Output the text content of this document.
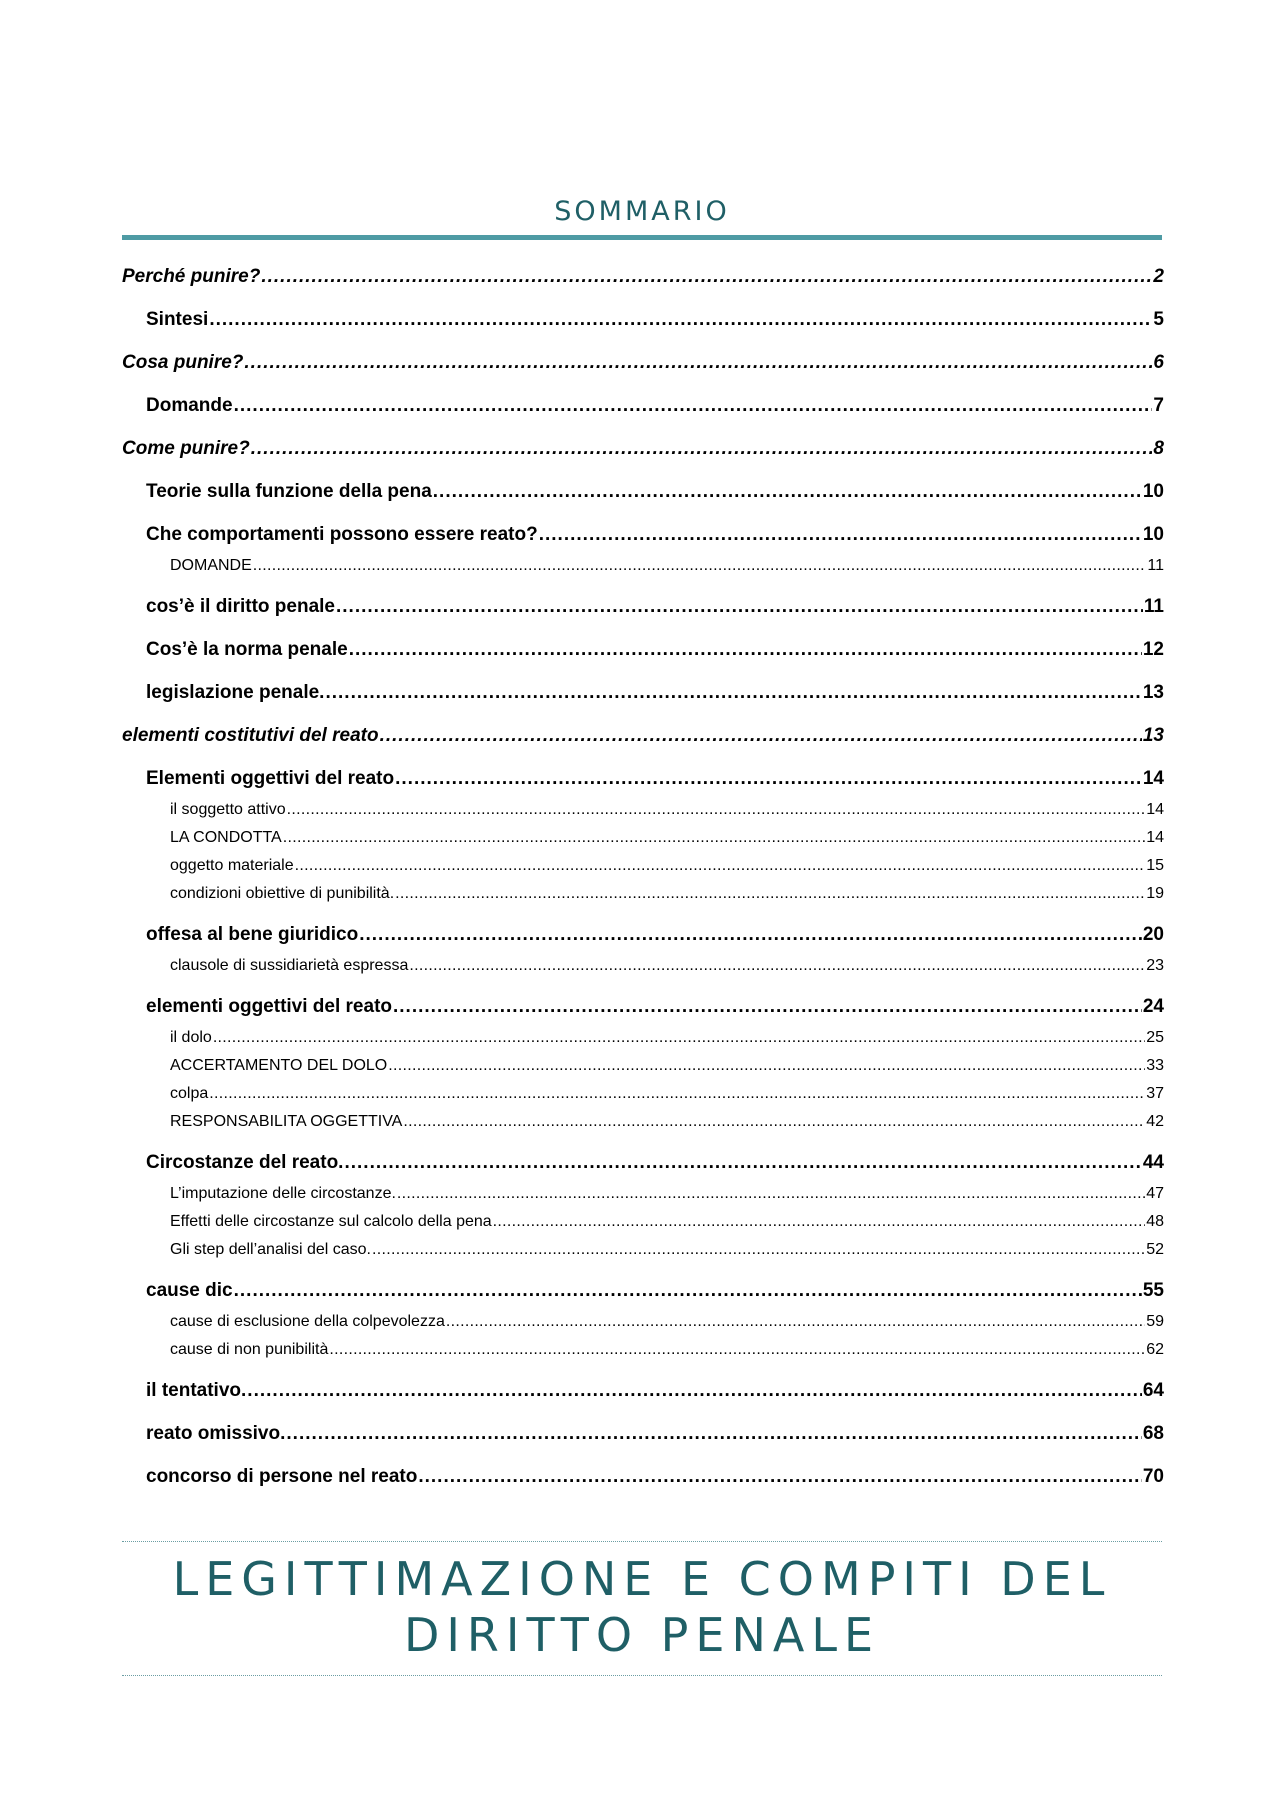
SOMMARIO
Perché punire? .....	2
Sintesi .....	5
Cosa punire? .....	6
Domande .....	7
Come punire? .....	8
Teorie sulla funzione della pena .....	10
Che comportamenti possono essere reato? .....	10
DOMANDE .....	11
cos’è il diritto penale .....	11
Cos’è la norma penale .....	12
legislazione penale. .....	13
elementi costitutivi del reato .....	13
Elementi oggettivi del reato .....	14
il soggetto attivo .....	14
LA CONDOTTA .....	14
oggetto materiale .....	15
condizioni obiettive di punibilità. .....	19
offesa al bene giuridico .....	20
clausole di sussidiarietà espressa .....	23
elementi oggettivi del reato .....	24
il dolo .....	25
ACCERTAMENTO DEL DOLO .....	33
colpa .....	37
RESPONSABILITA OGGETTIVA .....	42
Circostanze del reato. .....	44
L’imputazione delle circostanze. .....	47
Effetti delle circostanze sul calcolo della pena .....	48
Gli step dell’analisi del caso. .....	52
cause dic .....	55
cause di esclusione della colpevolezza .....	59
cause di non punibilità .....	62
il tentativo. .....	64
reato omissivo. .....	68
concorso di persone nel reato .....	70
LEGITTIMAZIONE E COMPITI DEL
DIRITTO PENALE
